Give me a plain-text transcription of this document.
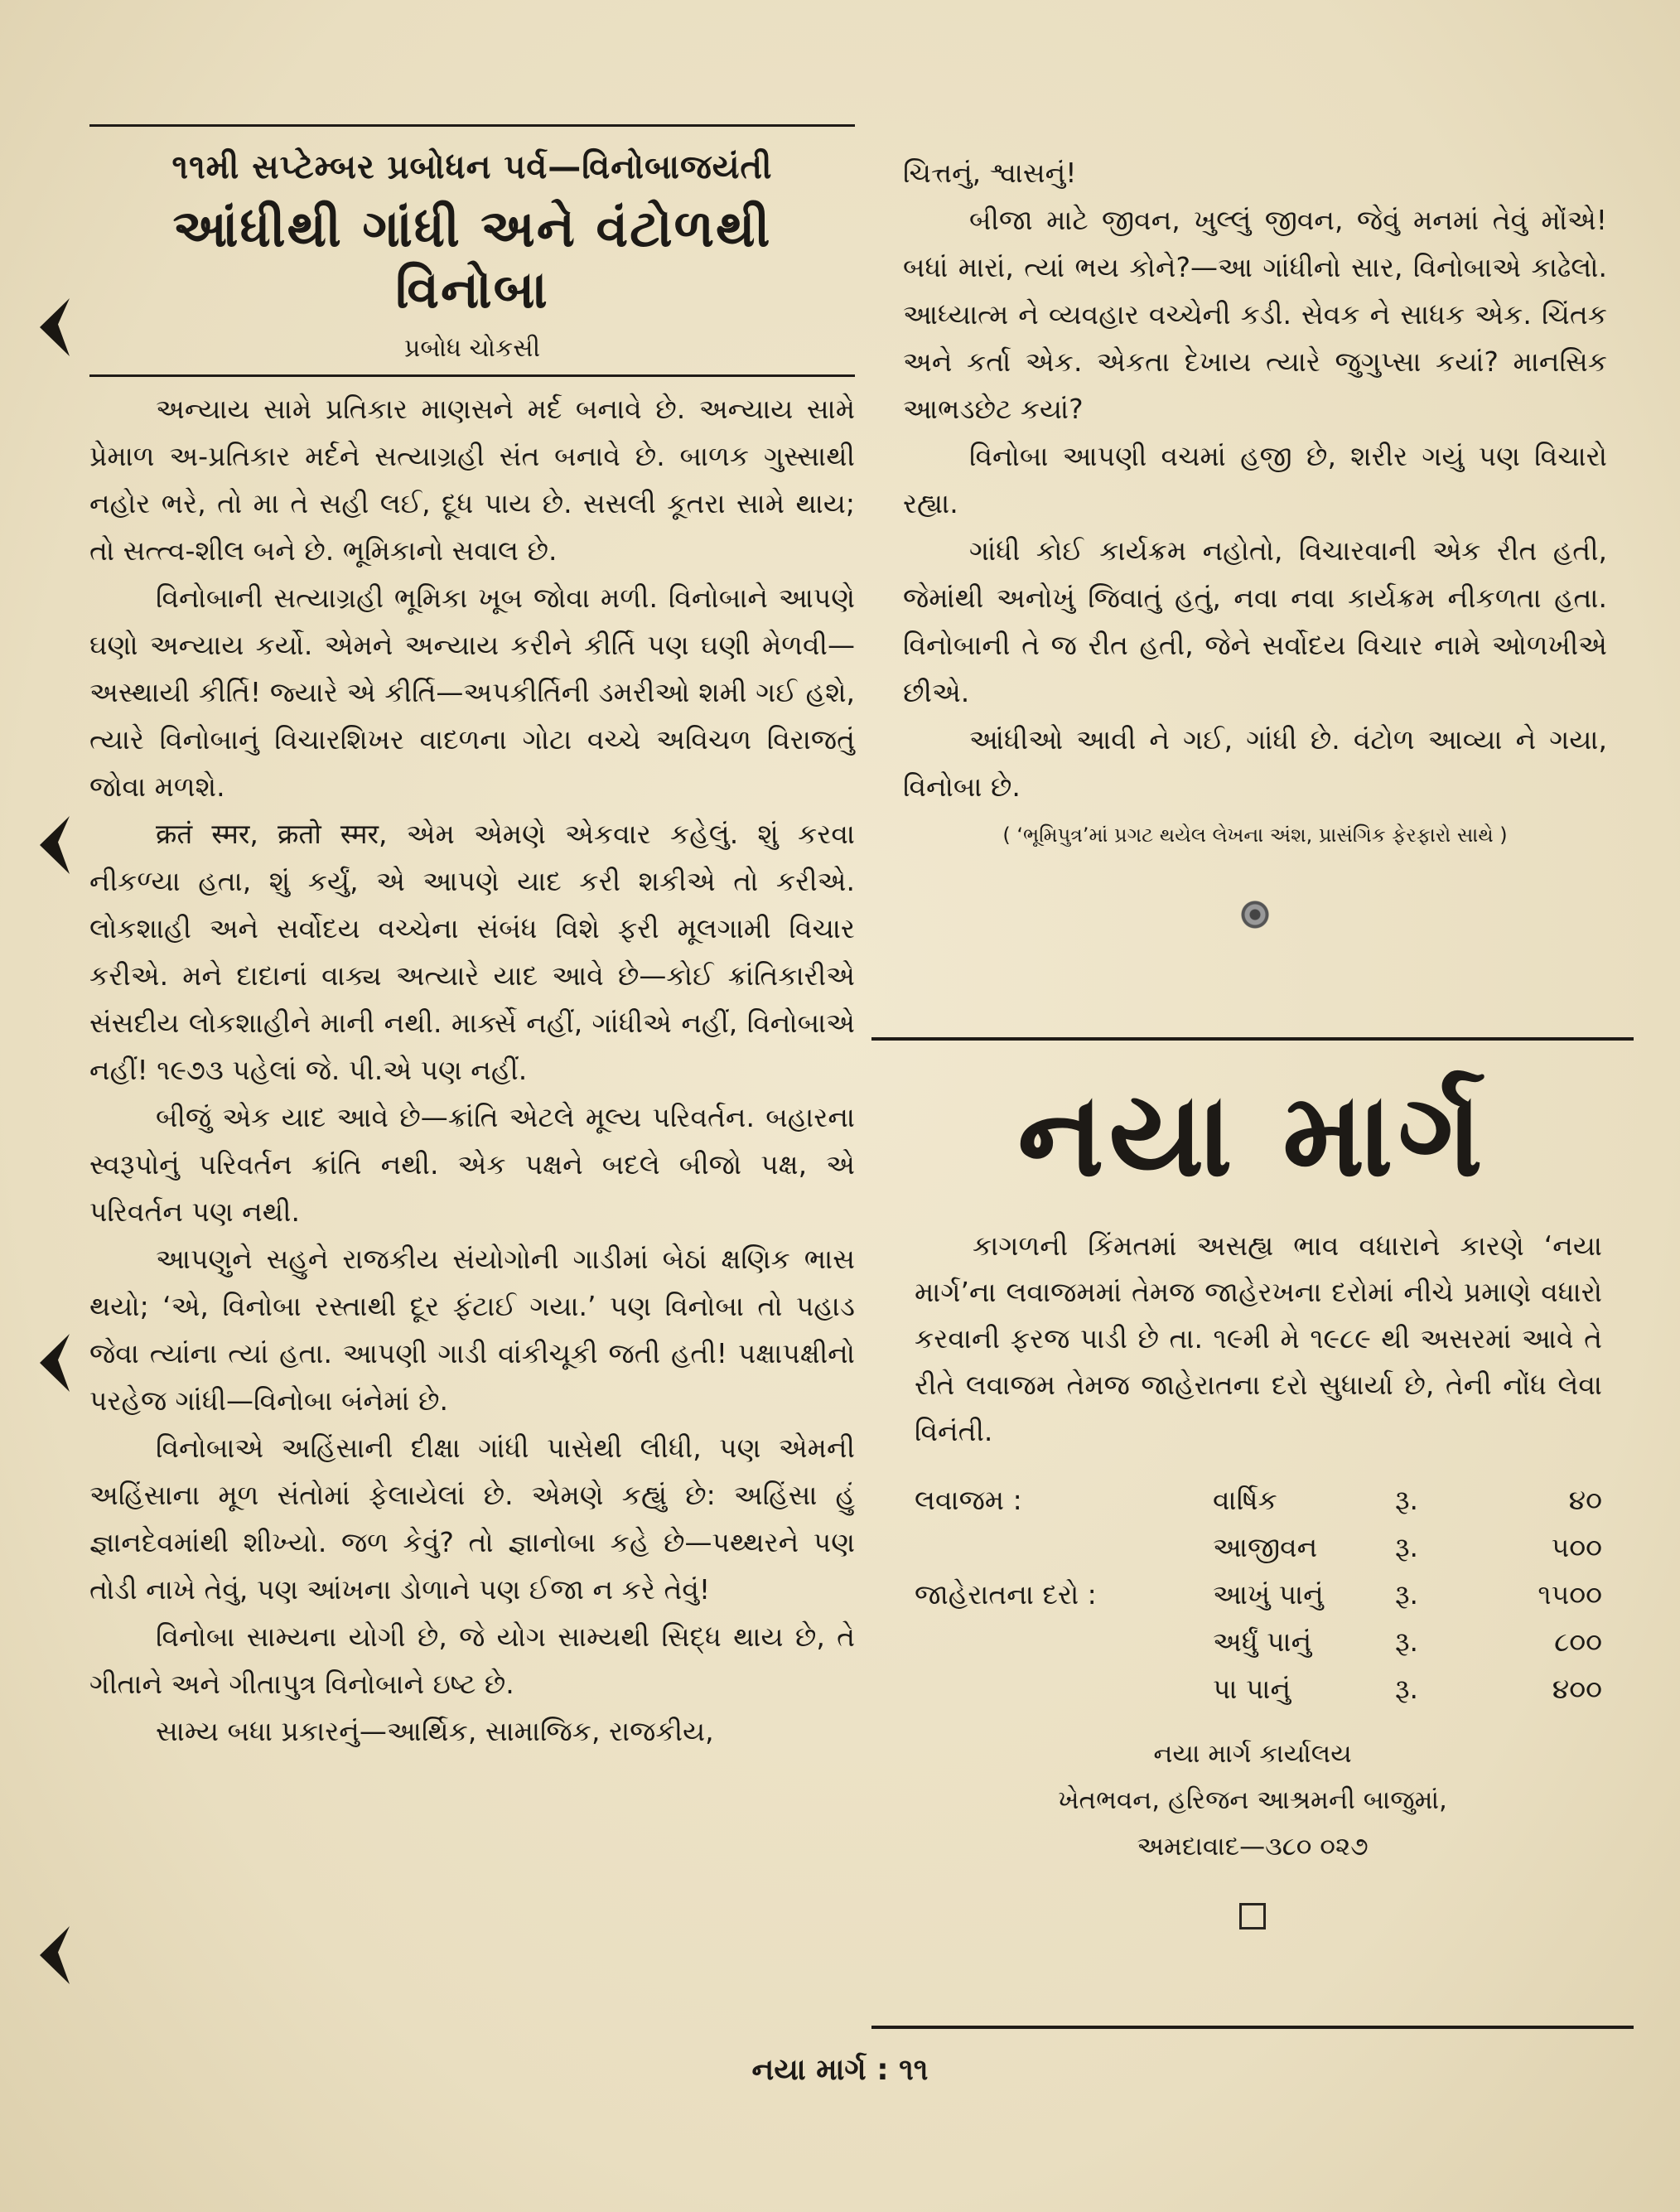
૧૧મી સપ્ટેમ્બર પ્રબોધન પર્વ—વિનોબાજયંતી
આંધીથી ગાંધી અને વંટોળથી વિનોબા
પ્રબોધ ચોકસી

અન્યાય સામે પ્રતિકાર માણસને મર્દ બનાવે છે. અન્યાય સામે પ્રેમાળ અ-પ્રતિકાર મર્દને સત્યાગ્રહી સંત બનાવે છે. બાળક ગુસ્સાથી નહોર ભરે, તો મા તે સહી લઈ, દૂધ પાય છે. સસલી કૂતરા સામે થાય; તો સત્ત્વ-શીલ બને છે. ભૂમિકાનો સવાલ છે.

વિનોબાની સત્યાગ્રહી ભૂમિકા ખૂબ જોવા મળી. વિનોબાને આપણે ઘણો અન્યાય કર્યો. એમને અન્યાય કરીને કીર્તિ પણ ઘણી મેળવી—અસ્થાયી કીર્તિ! જ્યારે એ કીર્તિ—અપકીર્તિની ડમરીઓ શમી ગઈ હશે, ત્યારે વિનોબાનું વિચારશિખર વાદળના ગોટા વચ્ચે અવિચળ વિરાજતું જોવા મળશે.

क्रतं स्मर, क्रतो स्मर, એમ એમણે એકવાર કહેલું. શું કરવા નીકળ્યા હતા, શું કર્યું, એ આપણે યાદ કરી શકીએ તો કરીએ. લોકશાહી અને સર્વોદય વચ્ચેના સંબંધ વિશે ફરી મૂલગામી વિચાર કરીએ. મને દાદાનાં વાક્ય અત્યારે યાદ આવે છે—કોઈ ક્રાંતિકારીએ સંસદીય લોકશાહીને માની નથી. માર્ક્સે નહીં, ગાંધીએ નહીં, વિનોબાએ નહીં! ૧૯૭૩ પહેલાં જે. પી.એ પણ નહીં.

બીજું એક યાદ આવે છે—ક્રાંતિ એટલે મૂલ્ય પરિવર્તન. બહારના સ્વરૂપોનું પરિવર્તન ક્રાંતિ નથી. એક પક્ષને બદલે બીજો પક્ષ, એ પરિવર્તન પણ નથી.

આપણુને સહુને રાજકીય સંયોગોની ગાડીમાં બેઠાં ક્ષણિક ભાસ થયો; ‘એ, વિનોબા રસ્તાથી દૂર ફંટાઈ ગયા.’ પણ વિનોબા તો પહાડ જેવા ત્યાંના ત્યાં હતા. આપણી ગાડી વાંકીચૂકી જતી હતી! પક્ષાપક્ષીનો પરહેજ ગાંધી—વિનોબા બંનેમાં છે.

વિનોબાએ અહિંસાની દીક્ષા ગાંધી પાસેથી લીધી, પણ એમની અહિંસાના મૂળ સંતોમાં ફેલાયેલાં છે. એમણે કહ્યું છે: અહિંસા હું જ્ઞાનદેવમાંથી શીખ્યો. જળ કેવું? તો જ્ઞાનોબા કહે છે—પથ્થરને પણ તોડી નાખે તેવું, પણ આંખના ડોળાને પણ ઈજા ન કરે તેવું!

વિનોબા સામ્યના યોગી છે, જે યોગ સામ્યથી સિદ્ધ થાય છે, તે ગીતાને અને ગીતાપુત્ર વિનોબાને ઇષ્ટ છે.

સામ્ય બધા પ્રકારનું—આર્થિક, સામાજિક, રાજકીય,

ચિત્તનું, શ્વાસનું!

બીજા માટે જીવન, ખુલ્લું જીવન, જેવું મનમાં તેવું મોંએ! બધાં મારાં, ત્યાં ભય કોને?—આ ગાંધીનો સાર, વિનોબાએ કાઢેલો. આધ્યાત્મ ને વ્યવહાર વચ્ચેની કડી. સેવક ને સાધક એક. ચિંતક અને કર્તા એક. એકતા દેખાય ત્યારે જુગુપ્સા કયાં? માનસિક આભડછેટ કયાં?

વિનોબા આપણી વચમાં હજી છે, શરીર ગયું પણ વિચારો રહ્યા.

ગાંધી કોઈ કાર્યક્રમ નહોતો, વિચારવાની એક રીત હતી, જેમાંથી અનોખું જિવાતું હતું, નવા નવા કાર્યક્રમ નીકળતા હતા. વિનોબાની તે જ રીત હતી, જેને સર્વોદય વિચાર નામે ઓળખીએ છીએ.

આંધીઓ આવી ને ગઈ, ગાંધી છે. વંટોળ આવ્યા ને ગયા, વિનોબા છે.

( ‘ભૂમિપુત્ર’માં પ્રગટ થયેલ લેખના અંશ, પ્રાસંગિક ફેરફારો સાથે )
નયા માર્ગ

કાગળની કિંમતમાં અસહ્ય ભાવ વધારાને કારણે ‘નયા માર્ગ’ના લવાજમમાં તેમજ જાહેરખના દરોમાં નીચે પ્રમાણે વધારો કરવાની ફરજ પાડી છે તા. ૧૯મી મે ૧૯૮૯ થી અસરમાં આવે તે રીતે લવાજમ તેમજ જાહેરાતના દરો સુધાર્યા છે, તેની નોંધ લેવા વિનંતી.

લવાજમ :	વાર્ષિક	રૂ.	૪૦
	આજીવન	રૂ.	૫૦૦
જાહેરાતના દરો :	આખું પાનું	રૂ.	૧૫૦૦
	અર્ધું પાનું	રૂ.	૮૦૦
	પા પાનું	રૂ.	૪૦૦
નયા માર્ગ કાર્યાલય
ખેતભવન, હરિજન આશ્રમની બાજુમાં,
અમદાવાદ—૩૮૦ ૦૨૭
નયા માર્ગ : ૧૧
